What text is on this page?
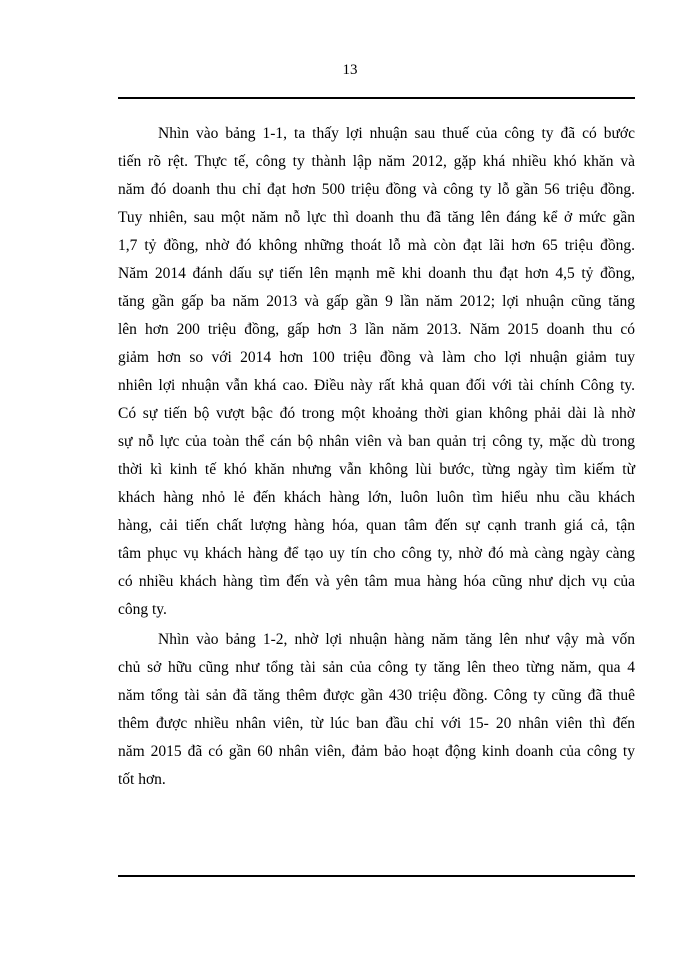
13
Nhìn vào bảng 1-1, ta thấy lợi nhuận sau thuế của công ty đã có bước
tiến rõ rệt. Thực tế, công ty thành lập năm 2012, gặp khá nhiều khó khăn và
năm đó doanh thu chỉ đạt hơn 500 triệu đồng và công ty lỗ gần 56 triệu đồng.
Tuy nhiên, sau một năm nỗ lực thì doanh thu đã tăng lên đáng kể ở mức gần
1,7 tỷ đồng, nhờ đó không những thoát lỗ mà còn đạt lãi hơn 65 triệu đồng.
Năm 2014 đánh dấu sự tiến lên mạnh mẽ khi doanh thu đạt hơn 4,5 tỷ đồng,
tăng gần gấp ba năm 2013 và gấp gần 9 lần năm 2012; lợi nhuận cũng tăng
lên hơn 200 triệu đồng, gấp hơn 3 lần năm 2013. Năm 2015 doanh thu có
giảm hơn so với 2014 hơn 100 triệu đồng và làm cho lợi nhuận giảm tuy
nhiên lợi nhuận vẫn khá cao. Điều này rất khả quan đối với tài chính Công ty.
Có sự tiến bộ vượt bậc đó trong một khoảng thời gian không phải dài là nhờ
sự nỗ lực của toàn thể cán bộ nhân viên và ban quản trị công ty, mặc dù trong
thời kì kinh tế khó khăn nhưng vẫn không lùi bước, từng ngày tìm kiếm từ
khách hàng nhỏ lẻ đến khách hàng lớn, luôn luôn tìm hiểu nhu cầu khách
hàng, cải tiến chất lượng hàng hóa, quan tâm đến sự cạnh tranh giá cả, tận
tâm phục vụ khách hàng để tạo uy tín cho công ty, nhờ đó mà càng ngày càng
có nhiều khách hàng tìm đến và yên tâm mua hàng hóa cũng như dịch vụ của
công ty.
Nhìn vào bảng 1-2, nhờ lợi nhuận hàng năm tăng lên như vậy mà vốn
chủ sở hữu cũng như tổng tài sản của công ty tăng lên theo từng năm, qua 4
năm tổng tài sản đã tăng thêm được gần 430 triệu đồng. Công ty cũng đã thuê
thêm được nhiều nhân viên, từ lúc ban đầu chỉ với 15- 20 nhân viên thì đến
năm 2015 đã có gần 60 nhân viên, đảm bảo hoạt động kinh doanh của công ty
tốt hơn.
